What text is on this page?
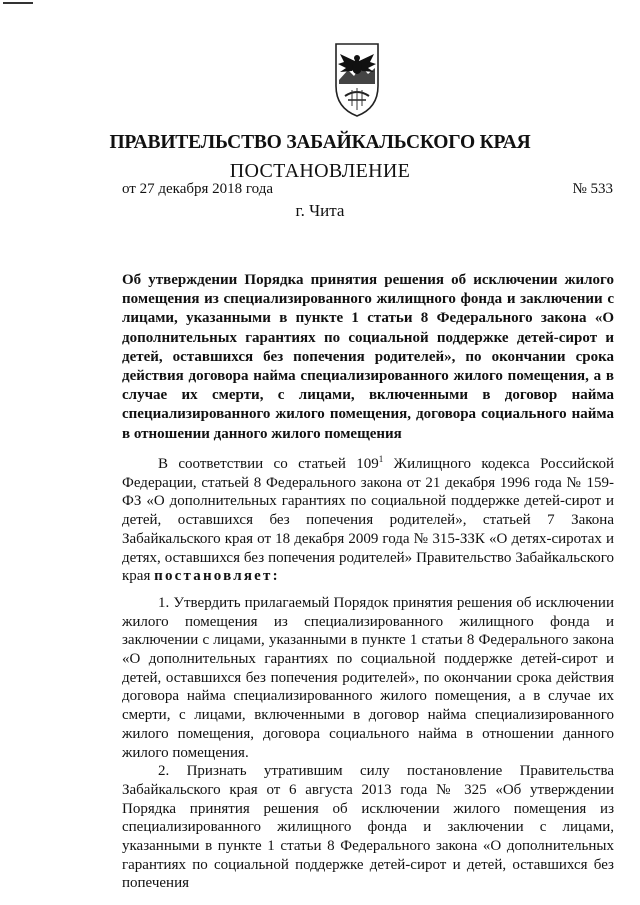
ПРАВИТЕЛЬСТВО ЗАБАЙКАЛЬСКОГО КРАЯ
ПОСТАНОВЛЕНИЕ
от 27 декабря 2018 года	№ 533
г. Чита
Об утверждении Порядка принятия решения об исключении жилого помещения из специализированного жилищного фонда и заключении с лицами, указанными в пункте 1 статьи 8 Федерального закона «О дополнительных гарантиях по социальной поддержке детей-сирот и детей, оставшихся без попечения родителей», по окончании срока действия договора найма специализированного жилого помещения, а в случае их смерти, с лицами, включенными в договор найма специализированного жилого помещения, договора социального найма в отношении данного жилого помещения

В соответствии со статьей $109^1$ Жилищного кодекса Российской Федерации, статьей 8 Федерального закона от 21 декабря 1996 года № 159-ФЗ «О дополнительных гарантиях по социальной поддержке детей-сирот и детей, оставшихся без попечения родителей», статьей 7 Закона Забайкальского края от 18 декабря 2009 года № 315-ЗЗК «О детях-сиротах и детях, оставшихся без попечения родителей» Правительство Забайкальского края постановляет:

1. Утвердить прилагаемый Порядок принятия решения об исключении жилого помещения из специализированного жилищного фонда и заключении с лицами, указанными в пункте 1 статьи 8 Федерального закона «О дополнительных гарантиях по социальной поддержке детей-сирот и детей, оставшихся без попечения родителей», по окончании срока действия договора найма специализированного жилого помещения, а в случае их смерти, с лицами, включенными в договор найма специализированного жилого помещения, договора социального найма в отношении данного жилого помещения.

2. Признать утратившим силу постановление Правительства Забайкальского края от 6 августа 2013 года № 325 «Об утверждении Порядка принятия решения об исключении жилого помещения из специализированного жилищного фонда и заключении с лицами, указанными в пункте 1 статьи 8 Федерального закона «О дополнительных гарантиях по социальной поддержке детей-сирот и детей, оставшихся без попечения
